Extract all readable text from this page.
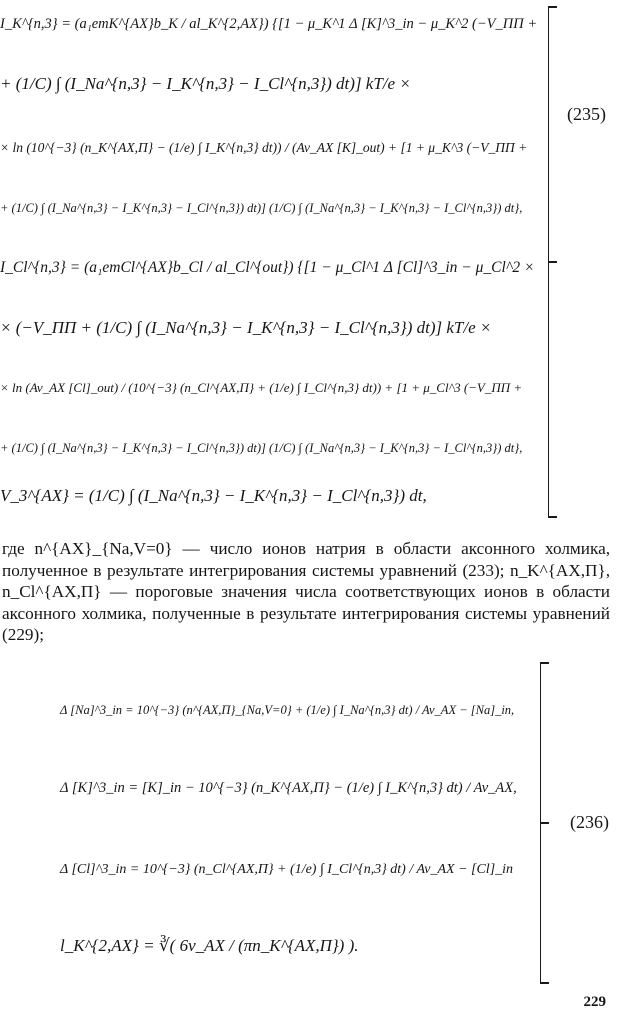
I_K^{n,3} = (a₁emK^{AX}b_K / al_K^{2,AX}) {[1 − μ_K^1 Δ [K]^3_in − μ_K^2 (−V_ПП +
+ (1/C) ∫ (I_Na^{n,3} − I_K^{n,3} − I_Cl^{n,3}) dt)] kT/e ×
× ln (10^{−3} (n_K^{AX,П} − (1/e) ∫ I_K^{n,3} dt)) / (Av_AX [K]_out) + [1 + μ_K^3 (−V_ПП +
+ (1/C) ∫ (I_Na^{n,3} − I_K^{n,3} − I_Cl^{n,3}) dt)] (1/C) ∫ (I_Na^{n,3} − I_K^{n,3} − I_Cl^{n,3}) dt},
I_Cl^{n,3} = (a₁emCl^{AX}b_Cl / al_Cl^{out}) {[1 − μ_Cl^1 Δ [Cl]^3_in − μ_Cl^2 ×
× (−V_ПП + (1/C) ∫ (I_Na^{n,3} − I_K^{n,3} − I_Cl^{n,3}) dt)] kT/e ×
× ln (Av_AX [Cl]_out) / (10^{−3} (n_Cl^{AX,П} + (1/e) ∫ I_Cl^{n,3} dt)) + [1 + μ_Cl^3 (−V_ПП +
+ (1/C) ∫ (I_Na^{n,3} − I_K^{n,3} − I_Cl^{n,3}) dt)] (1/C) ∫ (I_Na^{n,3} − I_K^{n,3} − I_Cl^{n,3}) dt},
V_3^{AX} = (1/C) ∫ (I_Na^{n,3} − I_K^{n,3} − I_Cl^{n,3}) dt,
(235)

где n^{AX}_{Na,V=0} — число ионов натрия в области аксонного холмика, полученное в результате интегрирования системы уравнений (233); n_K^{AX,П}, n_Cl^{AX,П} — пороговые значения числа соответствующих ионов в области аксонного холмика, полученные в результате интегрирования системы уравнений (229);

Δ [Na]^3_in = 10^{−3} (n^{AX,П}_{Na,V=0} + (1/e) ∫ I_Na^{n,3} dt) / Av_AX − [Na]_in,
Δ [K]^3_in = [K]_in − 10^{−3} (n_K^{AX,П} − (1/e) ∫ I_K^{n,3} dt) / Av_AX,
Δ [Cl]^3_in = 10^{−3} (n_Cl^{AX,П} + (1/e) ∫ I_Cl^{n,3} dt) / Av_AX − [Cl]_in
l_K^{2,AX} = ∛( 6v_AX / (πn_K^{AX,П}) ).
(236)
229
